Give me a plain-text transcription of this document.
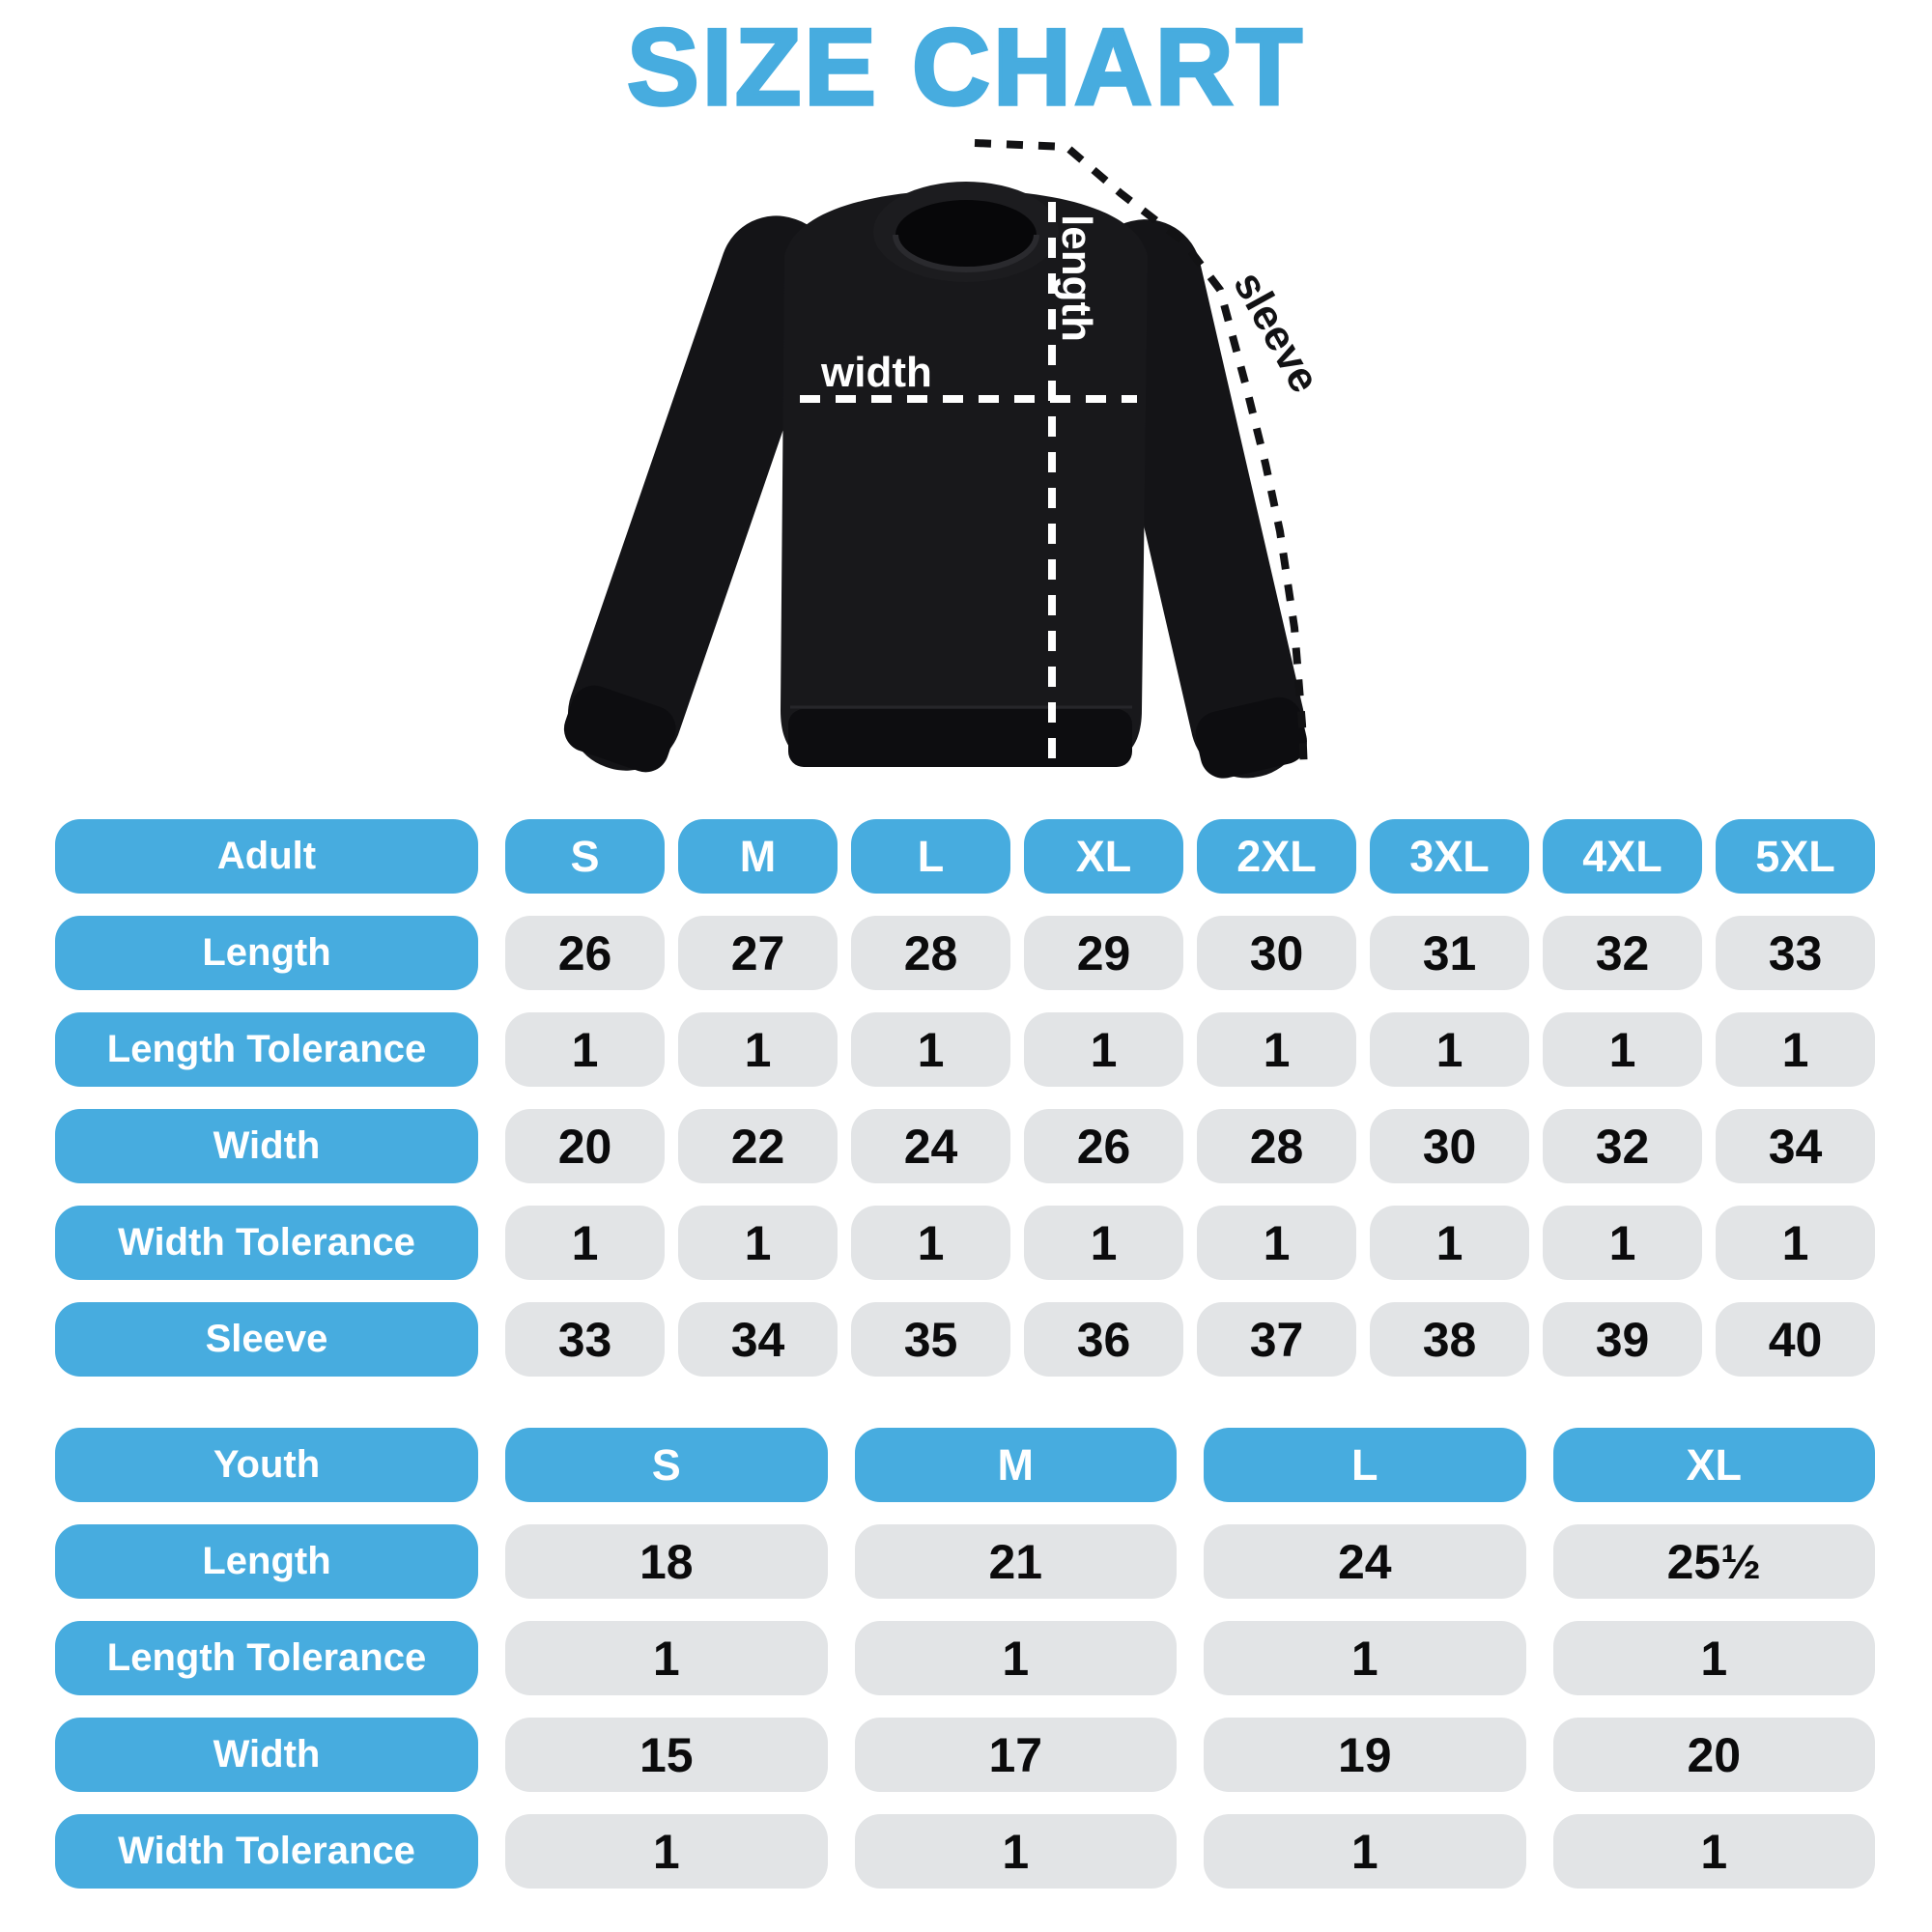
SIZE CHART
width
length	sleeve
Adult	S	M	L	XL 2XL 3XL 4XL 5XL
Length	26 27 28 29 30 31 32 33
Length Tolerance	1	1	1	1	1	1	1	1
Width	20 22 24 26 28 30 32 34
Width Tolerance	1	1	1	1	1	1	1	1
Sleeve	33 34 35 36 37 38 39 40
Youth	S	M	L	XL
Length	18	21	24	25½
Length Tolerance	1	1	1	1
Width	15	17	19	20
Width Tolerance	1	1	1	1
